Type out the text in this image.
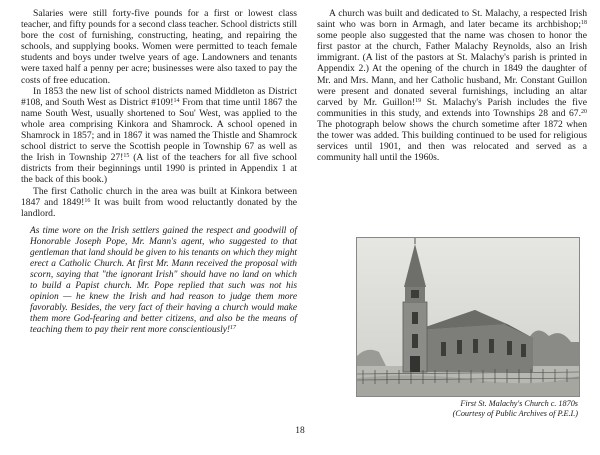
Salaries were still forty-five pounds for a first or lowest class teacher, and fifty pounds for a second class teacher. School districts still bore the cost of furnishing, constructing, heating, and repairing the schools, and supplying books. Women were permitted to teach female students and boys under twelve years of age. Landowners and tenants were taxed half a penny per acre; businesses were also taxed to pay the costs of free education.

In 1853 the new list of school districts named Middleton as District #108, and South West as District #109!$^{14}$ From that time until 1867 the name South West, usually shortened to Sou' West, was applied to the whole area comprising Kinkora and Shamrock. A school opened in Shamrock in 1857; and in 1867 it was named the Thistle and Shamrock school district to serve the Scottish people in Township 67 as well as the Irish in Township 27!$^{15}$ (A list of the teachers for all five school districts from their beginnings until 1990 is printed in Appendix 1 at the back of this book.)

The first Catholic church in the area was built at Kinkora between 1847 and 1849!$^{16}$ It was built from wood reluctantly donated by the landlord.

As time wore on the Irish settlers gained the respect and goodwill of Honorable Joseph Pope, Mr. Mann's agent, who suggested to that gentleman that land should be given to his tenants on which they might erect a Catholic Church. At first Mr. Mann received the proposal with scorn, saying that "the ignorant Irish" should have no land on which to build a Papist church. Mr. Pope replied that such was not his opinion — he knew the Irish and had reason to judge them more favorably. Besides, the very fact of their having a church would make them more God-fearing and better citizens, and also be the means of teaching them to pay their rent more conscientiously!$^{17}$

A church was built and dedicated to St. Malachy, a respected Irish saint who was born in Armagh, and later became its archbishop;$^{18}$ some people also suggested that the name was chosen to honor the first pastor at the church, Father Malachy Reynolds, also an Irish immigrant. (A list of the pastors at St. Malachy's parish is printed in Appendix 2.) At the opening of the church in 1849 the daughter of Mr. and Mrs. Mann, and her Catholic husband, Mr. Constant Guillon were present and donated several furnishings, including an altar carved by Mr. Guillon!$^{19}$ St. Malachy's Parish includes the five communities in this study, and extends into Townships 28 and 67.20 The photograph below shows the church sometime after 1872 when the tower was added. This building continued to be used for religious services until 1901, and then was relocated and served as a community hall until the 1960s.

First St. Malachy's Church c. 1870s
(Courtesy of Public Archives of P.E.I.)
18
